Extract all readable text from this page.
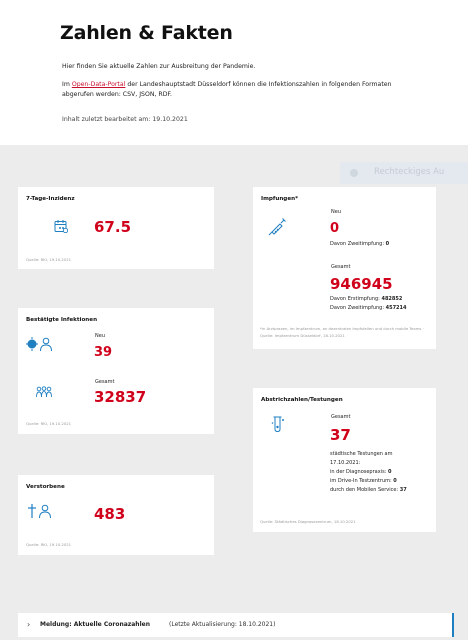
Zahlen & Fakten

Hier finden Sie aktuelle Zahlen zur Ausbreitung der Pandemie.

Im Open-Data-Portal der Landeshauptstadt Düsseldorf können die Infektionszahlen in folgenden Formaten abgerufen werden: CSV, JSON, RDF.

Inhalt zuletzt bearbeitet am: 19.10.2021
Rechteckiges Au
7-Tage-Inzidenz
67.5
Quelle: RKI, 19.10.2021
Bestätigte Infektionen
Neu
39
Gesamt
32837
Quelle: RKI, 19.10.2021
Verstorbene
483
Quelle: RKI, 19.10.2021
Impfungen*
Neu
0
Davon Zweitimpfung: 0
Gesamt
946945
Davon Erstimpfung: 482852
Davon Zweitimpfung: 457214
*in Arztpraxen, im Impfzentrum, an dezentralen Impfstellen und durch mobile Teams · Quelle: Impfzentrum Düsseldorf, 18.10.2021
Abstrichzahlen/Testungen
Gesamt
37
städtische Testungen am
17.10.2021:
in der Diagnosepraxis: 0
im Drive-In Testzentrum: 0
durch den Mobilen Service: 37
Quelle: Städtisches Diagnosezentrum, 18.10.2021
› Meldung: Aktuelle Coronazahlen	(Letzte Aktualisierung: 18.10.2021)
